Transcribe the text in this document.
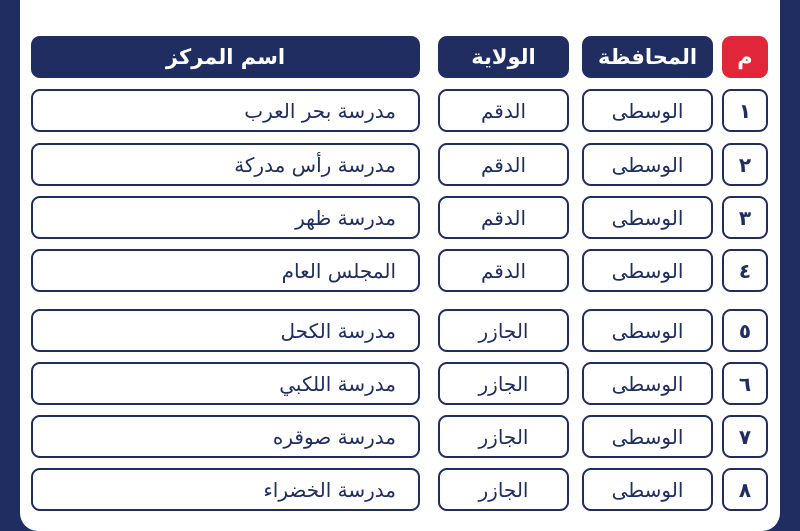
اسم المركز	الولاية	المحافظة	م
مدرسة بحر العرب	الدقم	الوسطى	١
مدرسة رأس مدركة	الدقم	الوسطى	٢
مدرسة ظهر	الدقم	الوسطى	٣
المجلس العام	الدقم	الوسطى	٤
مدرسة الكحل	الجازر	الوسطى	٥
مدرسة اللكبي	الجازر	الوسطى	٦
مدرسة صوقره	الجازر	الوسطى	٧
مدرسة الخضراء	الجازر	الوسطى	٨
